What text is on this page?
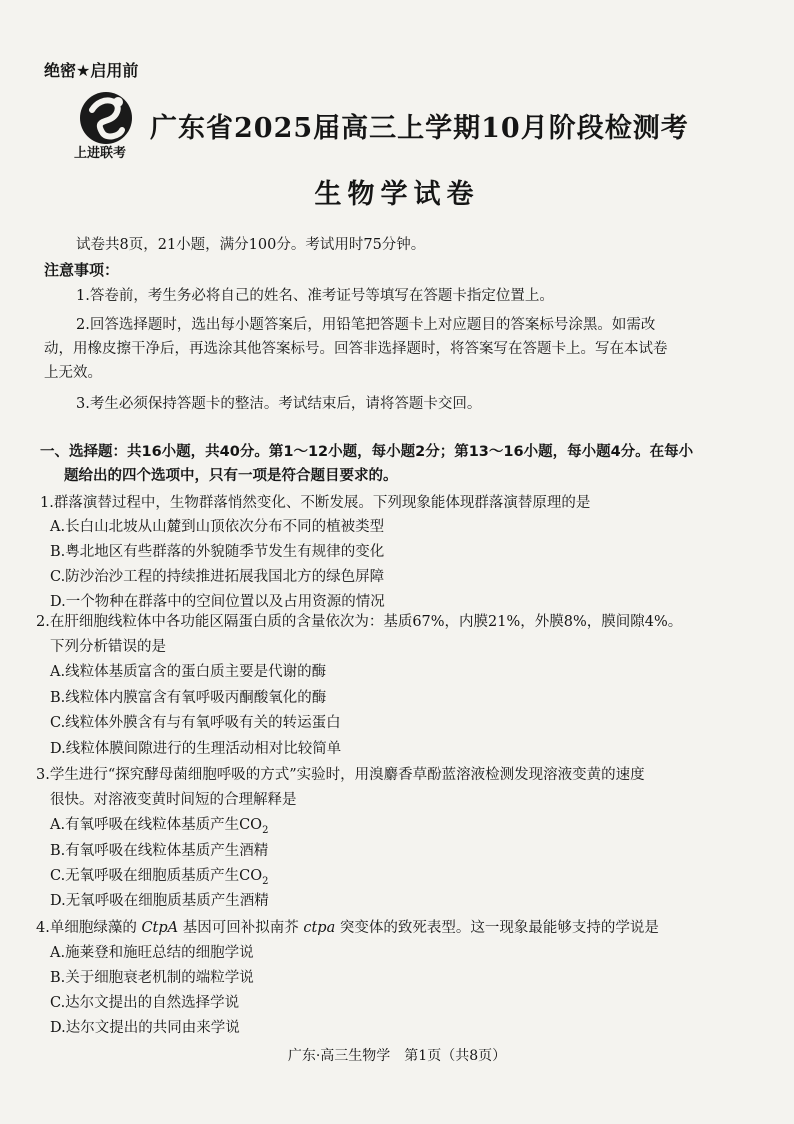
绝密★启用前
上进联考
广东省2025届高三上学期10月阶段检测考
生物学试卷
试卷共8页，21小题，满分100分。考试用时75分钟。
注意事项：
1.答卷前，考生务必将自己的姓名、准考证号等填写在答题卡指定位置上。
2.回答选择题时，选出每小题答案后，用铅笔把答题卡上对应题目的答案标号涂黑。如需改
动，用橡皮擦干净后，再选涂其他答案标号。回答非选择题时，将答案写在答题卡上。写在本试卷
上无效。
3.考生必须保持答题卡的整洁。考试结束后，请将答题卡交回。
一、选择题：共16小题，共40分。第1～12小题，每小题2分；第13～16小题，每小题4分。在每小
题给出的四个选项中，只有一项是符合题目要求的。
1.群落演替过程中，生物群落悄然变化、不断发展。下列现象能体现群落演替原理的是
A.长白山北坡从山麓到山顶依次分布不同的植被类型
B.粤北地区有些群落的外貌随季节发生有规律的变化
C.防沙治沙工程的持续推进拓展我国北方的绿色屏障
D.一个物种在群落中的空间位置以及占用资源的情况
2.在肝细胞线粒体中各功能区隔蛋白质的含量依次为：基质67%，内膜21%，外膜8%，膜间隙4%。
下列分析错误的是
A.线粒体基质富含的蛋白质主要是代谢的酶
B.线粒体内膜富含有氧呼吸丙酮酸氧化的酶
C.线粒体外膜含有与有氧呼吸有关的转运蛋白
D.线粒体膜间隙进行的生理活动相对比较简单
3.学生进行“探究酵母菌细胞呼吸的方式”实验时，用溴麝香草酚蓝溶液检测发现溶液变黄的速度
很快。对溶液变黄时间短的合理解释是
A.有氧呼吸在线粒体基质产生$CO_2$
B.有氧呼吸在线粒体基质产生酒精
C.无氧呼吸在细胞质基质产生$CO_2$
D.无氧呼吸在细胞质基质产生酒精
4.单细胞绿藻的 CtpA 基因可回补拟南芥 ctpa 突变体的致死表型。这一现象最能够支持的学说是
A.施莱登和施旺总结的细胞学说
B.关于细胞衰老机制的端粒学说
C.达尔文提出的自然选择学说
D.达尔文提出的共同由来学说
广东·高三生物学　第1页（共8页）
